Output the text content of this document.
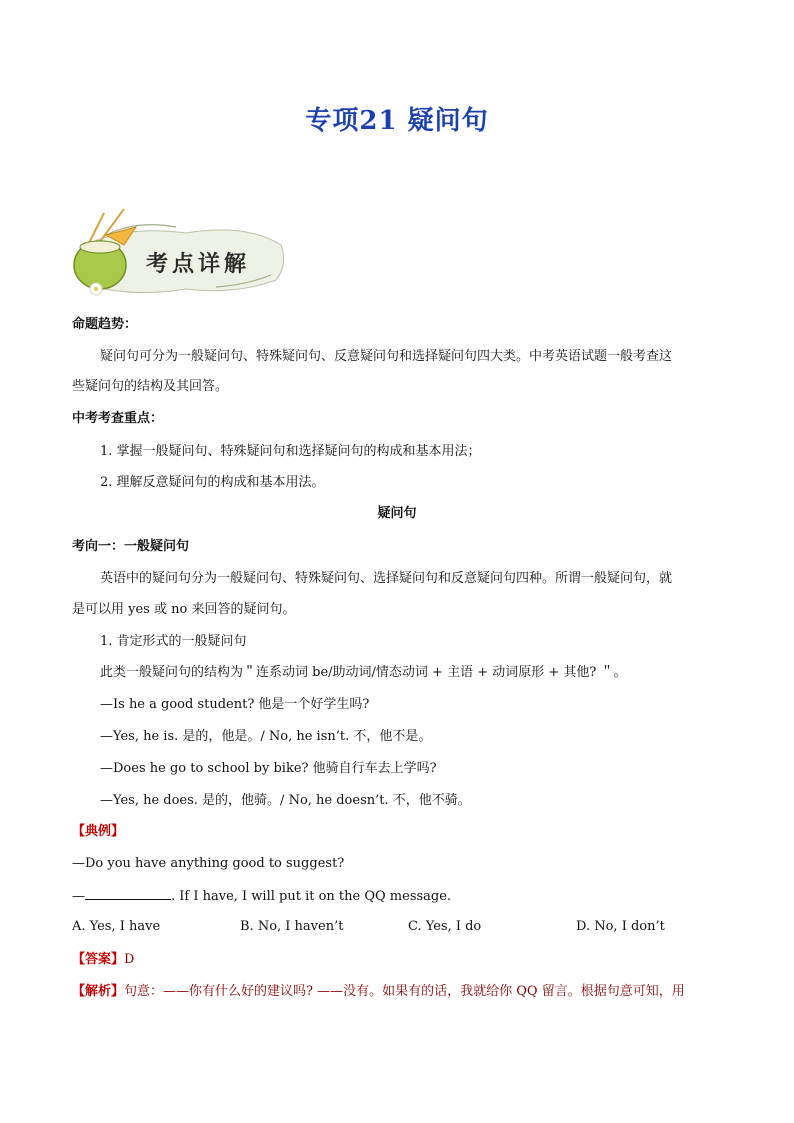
专项21 疑问句
考点详解
命题趋势：
疑问句可分为一般疑问句、特殊疑问句、反意疑问句和选择疑问句四大类。中考英语试题一般考查这
些疑问句的结构及其回答。
中考考查重点：
1. 掌握一般疑问句、特殊疑问句和选择疑问句的构成和基本用法；
2. 理解反意疑问句的构成和基本用法。
疑问句
考向一：一般疑问句
英语中的疑问句分为一般疑问句、特殊疑问句、选择疑问句和反意疑问句四种。所谓一般疑问句，就
是可以用 yes 或 no 来回答的疑问句。
1. 肯定形式的一般疑问句
此类一般疑问句的结构为＂连系动词 be/助动词/情态动词 + 主语 + 动词原形 + 其他? ＂。
—Is he a good student? 他是一个好学生吗?
—Yes, he is. 是的，他是。/ No, he isn’t. 不，他不是。
—Does he go to school by bike? 他骑自行车去上学吗?
—Yes, he does. 是的，他骑。/ No, he doesn’t. 不，他不骑。
【典例】
—Do you have anything good to suggest?
—	. If I have, I will put it on the QQ message.
A. Yes, I have	B. No, I haven’t	C. Yes, I do	D. No, I don’t
【答案】D
【解析】句意：——你有什么好的建议吗? ——没有。如果有的话，我就给你 QQ 留言。根据句意可知，用
